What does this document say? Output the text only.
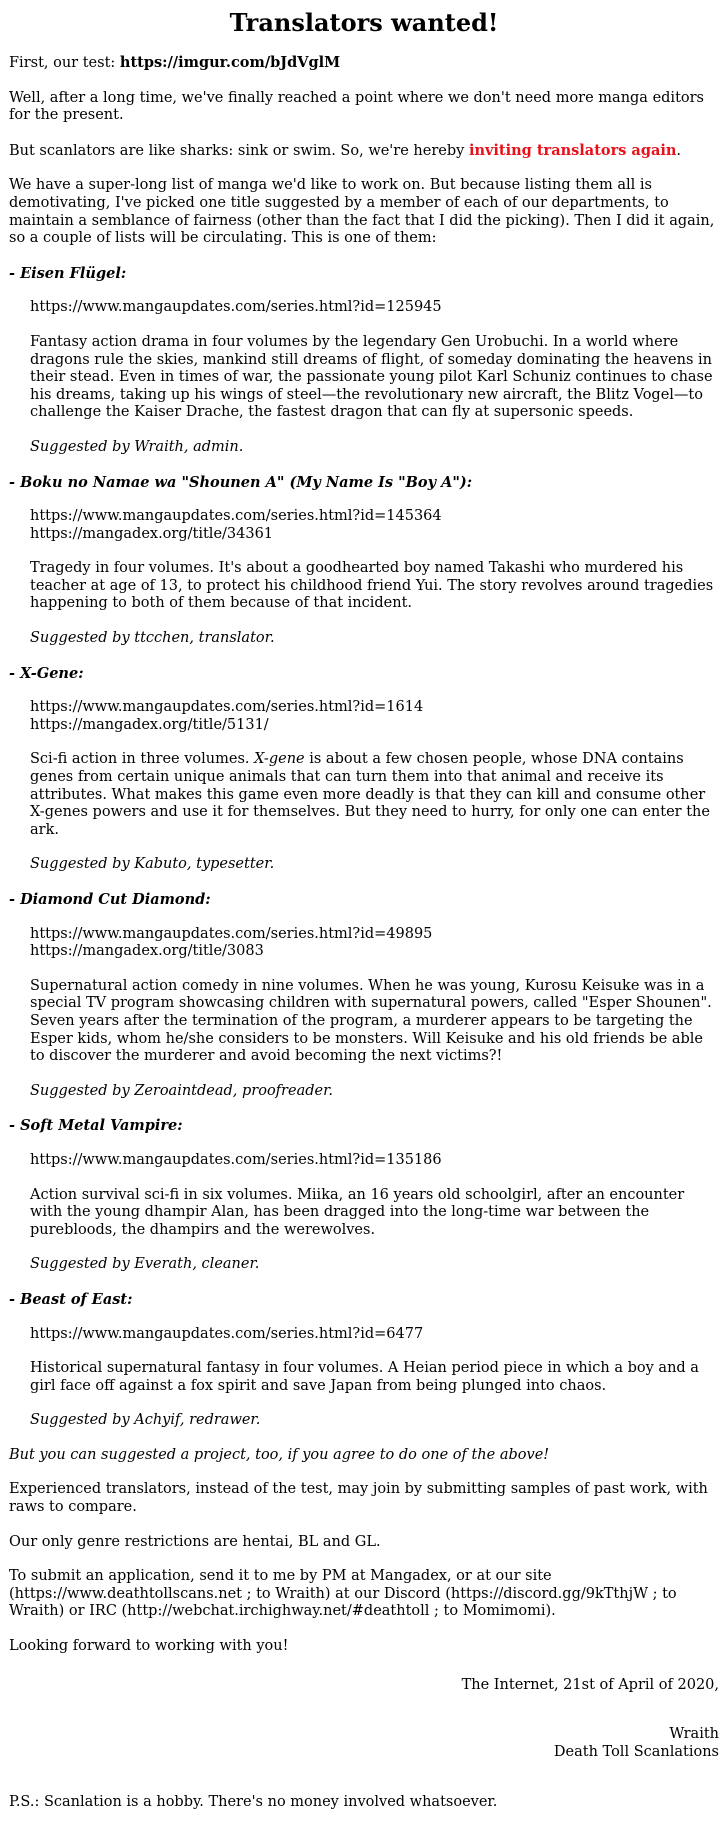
Translators wanted!

First, our test: https://imgur.com/bJdVglM

Well, after a long time, we've finally reached a point where we don't need more manga editors for the present.

But scanlators are like sharks: sink or swim. So, we're hereby inviting translators again.

We have a super-long list of manga we'd like to work on. But because listing them all is demotivating, I've picked one title suggested by a member of each of our departments, to maintain a semblance of fairness (other than the fact that I did the picking). Then I did it again, so a couple of lists will be circulating. This is one of them:

- Eisen Flügel:

https://www.mangaupdates.com/series.html?id=125945

Fantasy action drama in four volumes by the legendary Gen Urobuchi. In a world where dragons rule the skies, mankind still dreams of flight, of someday dominating the heavens in their stead. Even in times of war, the passionate young pilot Karl Schuniz continues to chase his dreams, taking up his wings of steel—the revolutionary new aircraft, the Blitz Vogel—to challenge the Kaiser Drache, the fastest dragon that can fly at supersonic speeds.

Suggested by Wraith, admin.

- Boku no Namae wa "Shounen A" (My Name Is "Boy A"):

https://www.mangaupdates.com/series.html?id=145364
https://mangadex.org/title/34361

Tragedy in four volumes. It's about a goodhearted boy named Takashi who murdered his teacher at age of 13, to protect his childhood friend Yui. The story revolves around tragedies happening to both of them because of that incident.

Suggested by ttcchen, translator.

- X-Gene:

https://www.mangaupdates.com/series.html?id=1614
https://mangadex.org/title/5131/

Sci-fi action in three volumes. X-gene is about a few chosen people, whose DNA contains genes from certain unique animals that can turn them into that animal and receive its attributes. What makes this game even more deadly is that they can kill and consume other X-genes powers and use it for themselves. But they need to hurry, for only one can enter the ark.

Suggested by Kabuto, typesetter.

- Diamond Cut Diamond:

https://www.mangaupdates.com/series.html?id=49895
https://mangadex.org/title/3083

Supernatural action comedy in nine volumes. When he was young, Kurosu Keisuke was in a special TV program showcasing children with supernatural powers, called "Esper Shounen". Seven years after the termination of the program, a murderer appears to be targeting the Esper kids, whom he/she considers to be monsters. Will Keisuke and his old friends be able to discover the murderer and avoid becoming the next victims?!

Suggested by Zeroaintdead, proofreader.

- Soft Metal Vampire:

https://www.mangaupdates.com/series.html?id=135186

Action survival sci-fi in six volumes. Miika, an 16 years old schoolgirl, after an encounter with the young dhampir Alan, has been dragged into the long-time war between the purebloods, the dhampirs and the werewolves.

Suggested by Everath, cleaner.

- Beast of East:

https://www.mangaupdates.com/series.html?id=6477

Historical supernatural fantasy in four volumes. A Heian period piece in which a boy and a girl face off against a fox spirit and save Japan from being plunged into chaos.

Suggested by Achyif, redrawer.

But you can suggested a project, too, if you agree to do one of the above!

Experienced translators, instead of the test, may join by submitting samples of past work, with raws to compare.

Our only genre restrictions are hentai, BL and GL.

To submit an application, send it to me by PM at Mangadex, or at our site (https://www.deathtollscans.net ; to Wraith) at our Discord (https://discord.gg/9kTthjW ; to Wraith) or IRC (http://webchat.irchighway.net/#deathtoll ; to Momimomi).

Looking forward to working with you!

The Internet, 21st of April of 2020,

Wraith
Death Toll Scanlations

P.S.: Scanlation is a hobby. There's no money involved whatsoever.
